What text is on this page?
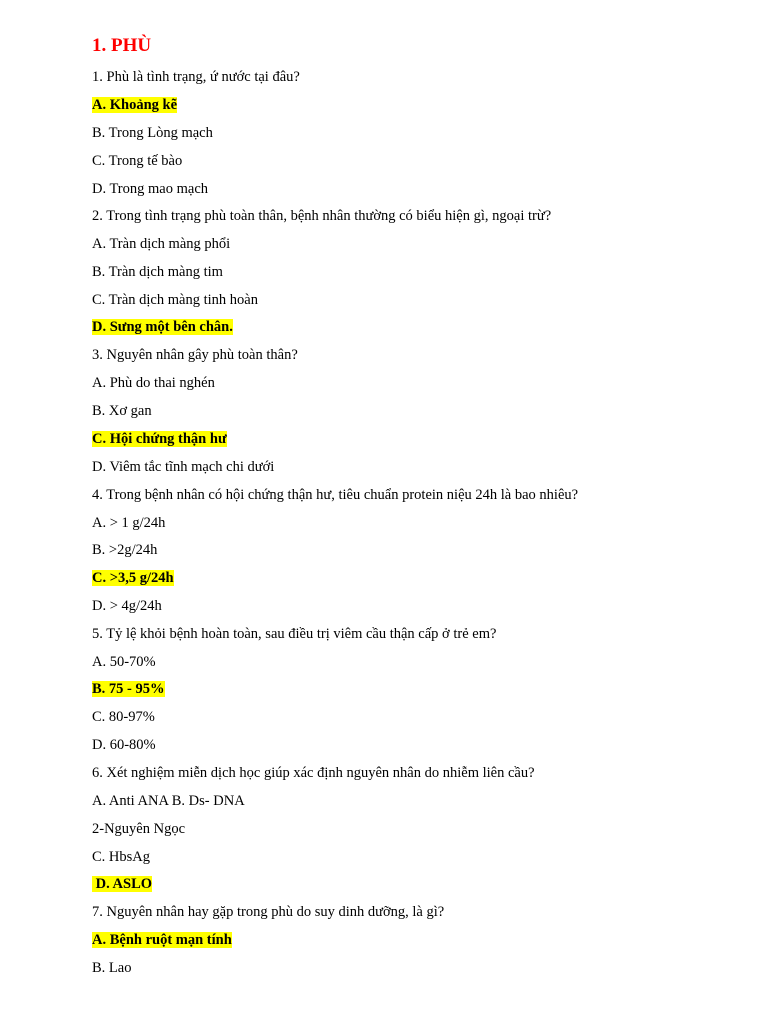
1. PHÙ
1. Phù là tình trạng, ứ nước tại đâu?
A. Khoảng kẽ
B. Trong Lòng mạch
C. Trong tế bào
D. Trong mao mạch
2. Trong tình trạng phù toàn thân, bệnh nhân thường có biểu hiện gì, ngoại trừ?
A. Tràn dịch màng phổi
B. Tràn dịch màng tim
C. Tràn dịch màng tinh hoàn
D. Sưng một bên chân.
3. Nguyên nhân gây phù toàn thân?
A. Phù do thai nghén
B. Xơ gan
C. Hội chứng thận hư
D. Viêm tắc tĩnh mạch chi dưới
4. Trong bệnh nhân có hội chứng thận hư, tiêu chuẩn protein niệu 24h là bao nhiêu?
A. > 1 g/24h
B. >2g/24h
C. >3,5 g/24h
D. > 4g/24h
5. Tỷ lệ khỏi bệnh hoàn toàn, sau điều trị viêm cầu thận cấp ở trẻ em?
A. 50-70%
B. 75 - 95%
C. 80-97%
D. 60-80%
6. Xét nghiệm miễn dịch học giúp xác định nguyên nhân do nhiễm liên cầu?
A. Anti ANA B. Ds- DNA
2-Nguyên Ngọc
C. HbsAg
D. ASLO
7. Nguyên nhân hay gặp trong phù do suy dinh dưỡng, là gì?
A. Bệnh ruột mạn tính
B. Lao
